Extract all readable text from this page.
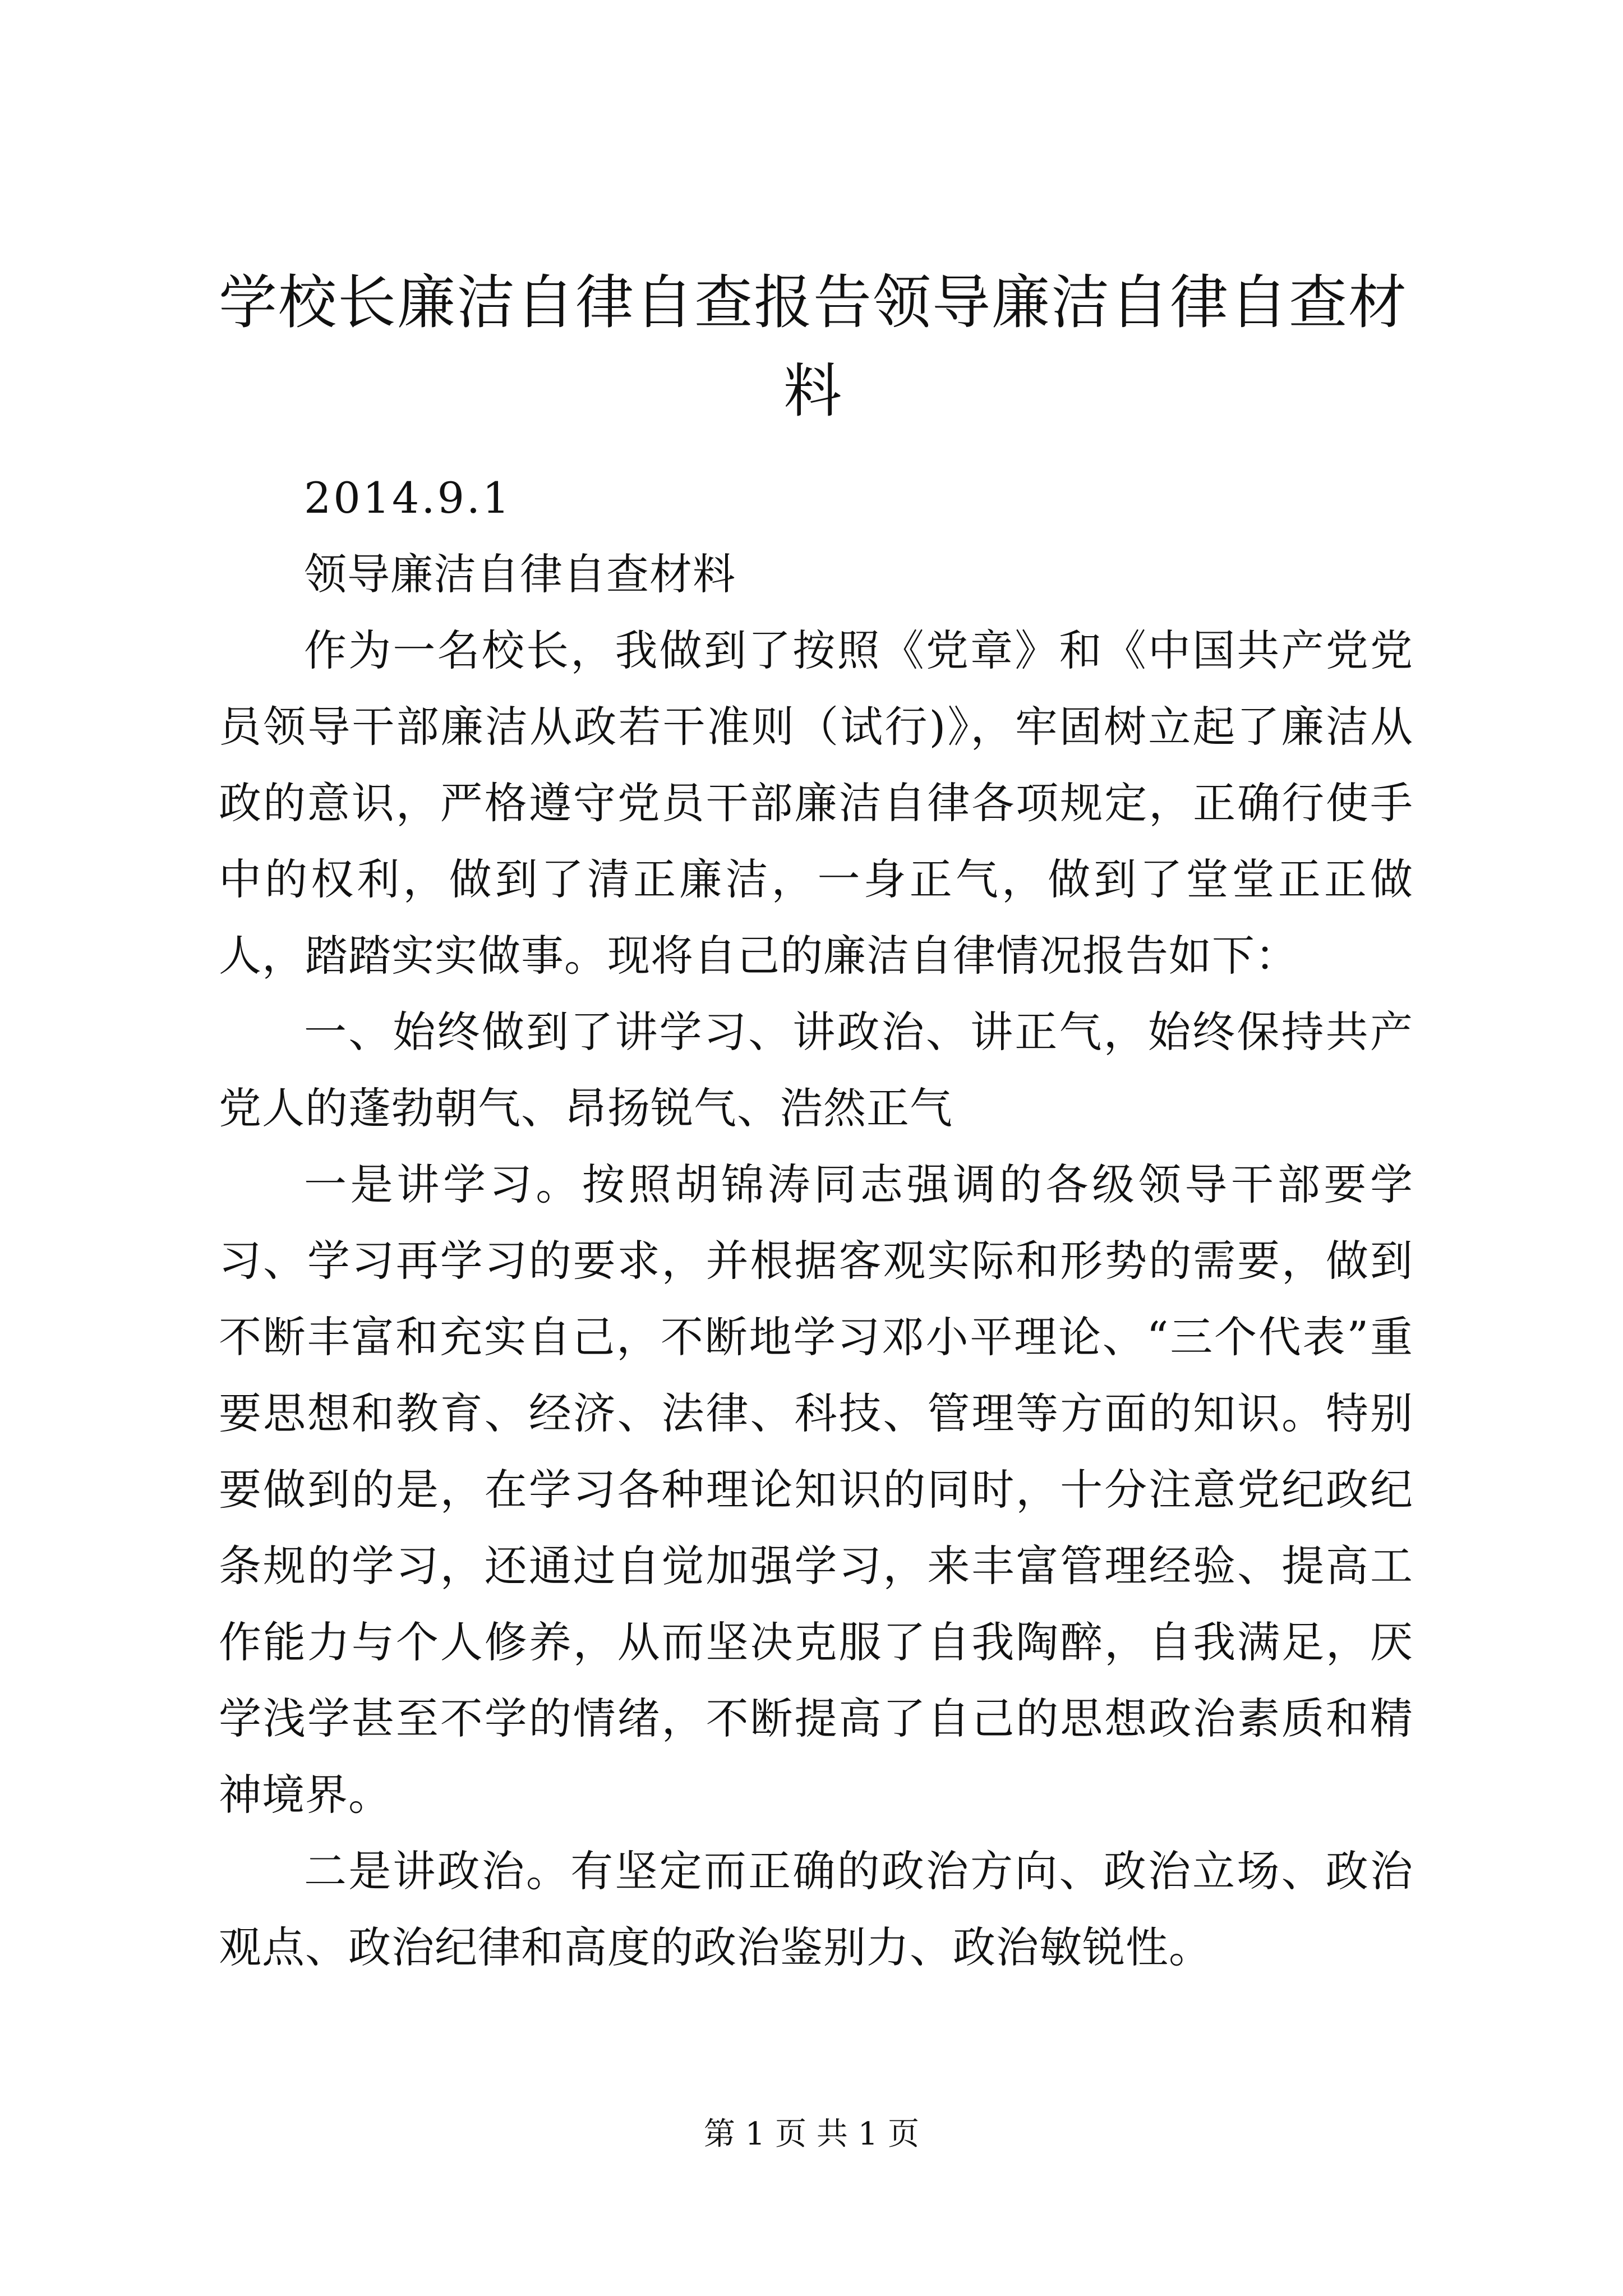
学校长廉洁自律自查报告领导廉洁自律自查材料

2014.9.1

领导廉洁自律自查材料

作为一名校长，我做到了按照《党章》和《中国共产党党员领导干部廉洁从政若干准则（试行)》，牢固树立起了廉洁从政的意识，严格遵守党员干部廉洁自律各项规定，正确行使手中的权利，做到了清正廉洁，一身正气，做到了堂堂正正做人，踏踏实实做事。现将自己的廉洁自律情况报告如下：

一、始终做到了讲学习、讲政治、讲正气，始终保持共产党人的蓬勃朝气、昂扬锐气、浩然正气

一是讲学习。按照胡锦涛同志强调的各级领导干部要学习、学习再学习的要求，并根据客观实际和形势的需要，做到不断丰富和充实自己，不断地学习邓小平理论、“三个代表”重要思想和教育、经济、法律、科技、管理等方面的知识。特别要做到的是，在学习各种理论知识的同时，十分注意党纪政纪条规的学习，还通过自觉加强学习，来丰富管理经验、提高工作能力与个人修养，从而坚决克服了自我陶醉，自我满足，厌学浅学甚至不学的情绪，不断提高了自己的思想政治素质和精神境界。

二是讲政治。有坚定而正确的政治方向、政治立场、政治观点、政治纪律和高度的政治鉴别力、政治敏锐性。

第 1 页 共 1 页
